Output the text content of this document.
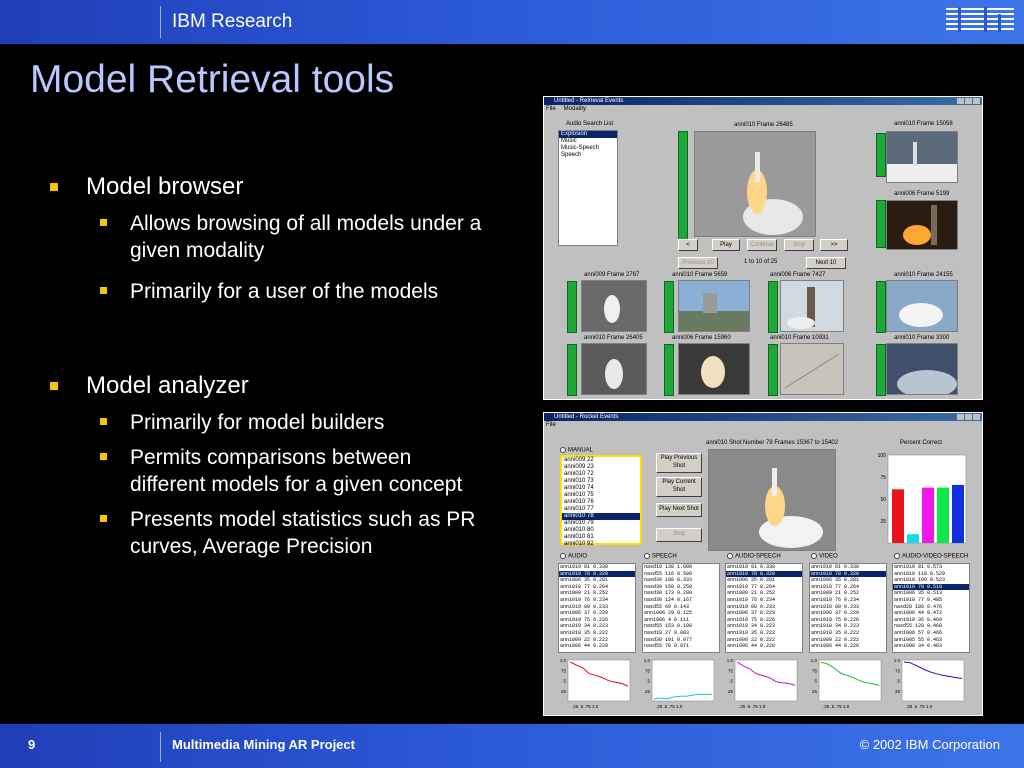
IBM Research
Model Retrieval tools
Model browser
Allows browsing of all models under a given modality
Primarily for a user of the models
Model analyzer
Primarily for model builders
Permits comparisons between different models for a given concept
Presents model statistics such as PR curves, Average Precision
Untitled - Retrieval Events
File Modality
Audio Search List
Explosion
Music
Music-Speech
Speech
anni010 Frame 26485	anni010 Frame 15058
anni006 Frame 5199
<	Play	Continue	Stop	>>
Previous 10	1 to 10 of 25	Next 10
anni009 Frame 2767	anni010 Frame 5659	anni006 Frame 7427	anni010 Frame 24155
anni010 Frame 26405	anni006 Frame 15960	anni010 Frame 10931	anni010 Frame 3300
Untitled - Rocket Events
File
MANUAL
anni009 22
anni009 23
anni010 72
anni010 73
anni010 74
anni010 75
anni010 76
anni010 77
anni010 78
anni010 79
anni010 80
anni010 81
anni010 92
Play Previous Shot
Play Current Shot
Play Next Shot
Stop
anni010 Shot Number 78 Frames 15367 to 15402	Percent Correct
100
75
50
25
AUDIO	SPEECH	AUDIO-SPEECH	VIDEO	AUDIO-VIDEO-SPEECH
anni010 81 0.330
anni010 78 0.320
anni006 35 0.281
anni010 77 0.264
anni009 21 0.252
anni010 76 0.234
anni010 80 0.233
anni006 37 0.229
anni010 75 0.226
anni010 34 0.223
anni010 35 0.222
anni009 22 0.222
anni006 44 0.220
nasd10 138 1.000
nasd55 116 0.500
nasd30 188 0.333
nasd30 150 0.250
nasd30 173 0.200
nasd30 124 0.167
nasd55 69 0.143
anni006 29 0.125
anni006 4 0.111
nasd55 153 0.100
nasd10 27 0.083
nasd30 191 0.077
nasd55 70 0.071
anni010 81 0.330
anni010 78 0.320
anni006 35 0.281
anni010 77 0.264
anni009 21 0.252
anni010 76 0.234
anni010 80 0.233
anni006 37 0.229
anni010 75 0.226
anni010 34 0.223
anni010 35 0.222
anni009 22 0.222
anni006 44 0.220
anni010 81 0.330
anni010 78 0.320
anni006 35 0.281
anni010 77 0.264
anni009 21 0.252
anni010 76 0.234
anni010 80 0.233
anni006 37 0.229
anni010 75 0.226
anni010 34 0.223
anni010 35 0.222
anni009 22 0.222
anni006 44 0.220
anni010 81 0.573
anni010 118 0.529
anni010 109 0.523
anni010 78 0.518
anni006 35 0.513
anni010 77 0.485
nasd28 186 0.476
anni006 44 0.472
anni010 36 0.469
nasd55 128 0.468
anni006 57 0.466
anni005 55 0.463
anni006 34 0.463
1.0
75
.5
25
.25 .5 .75 1.0
1.0
75
.5
25
.25 .5 .75 1.0
1.0
75
.5
25
.25 .5 .75 1.0
1.0
75
.5
25
.25 .5 .75 1.0
1.0
75
.5
25
.25 .5 .75 1.0
9	Multimedia Mining AR Project	© 2002 IBM Corporation
